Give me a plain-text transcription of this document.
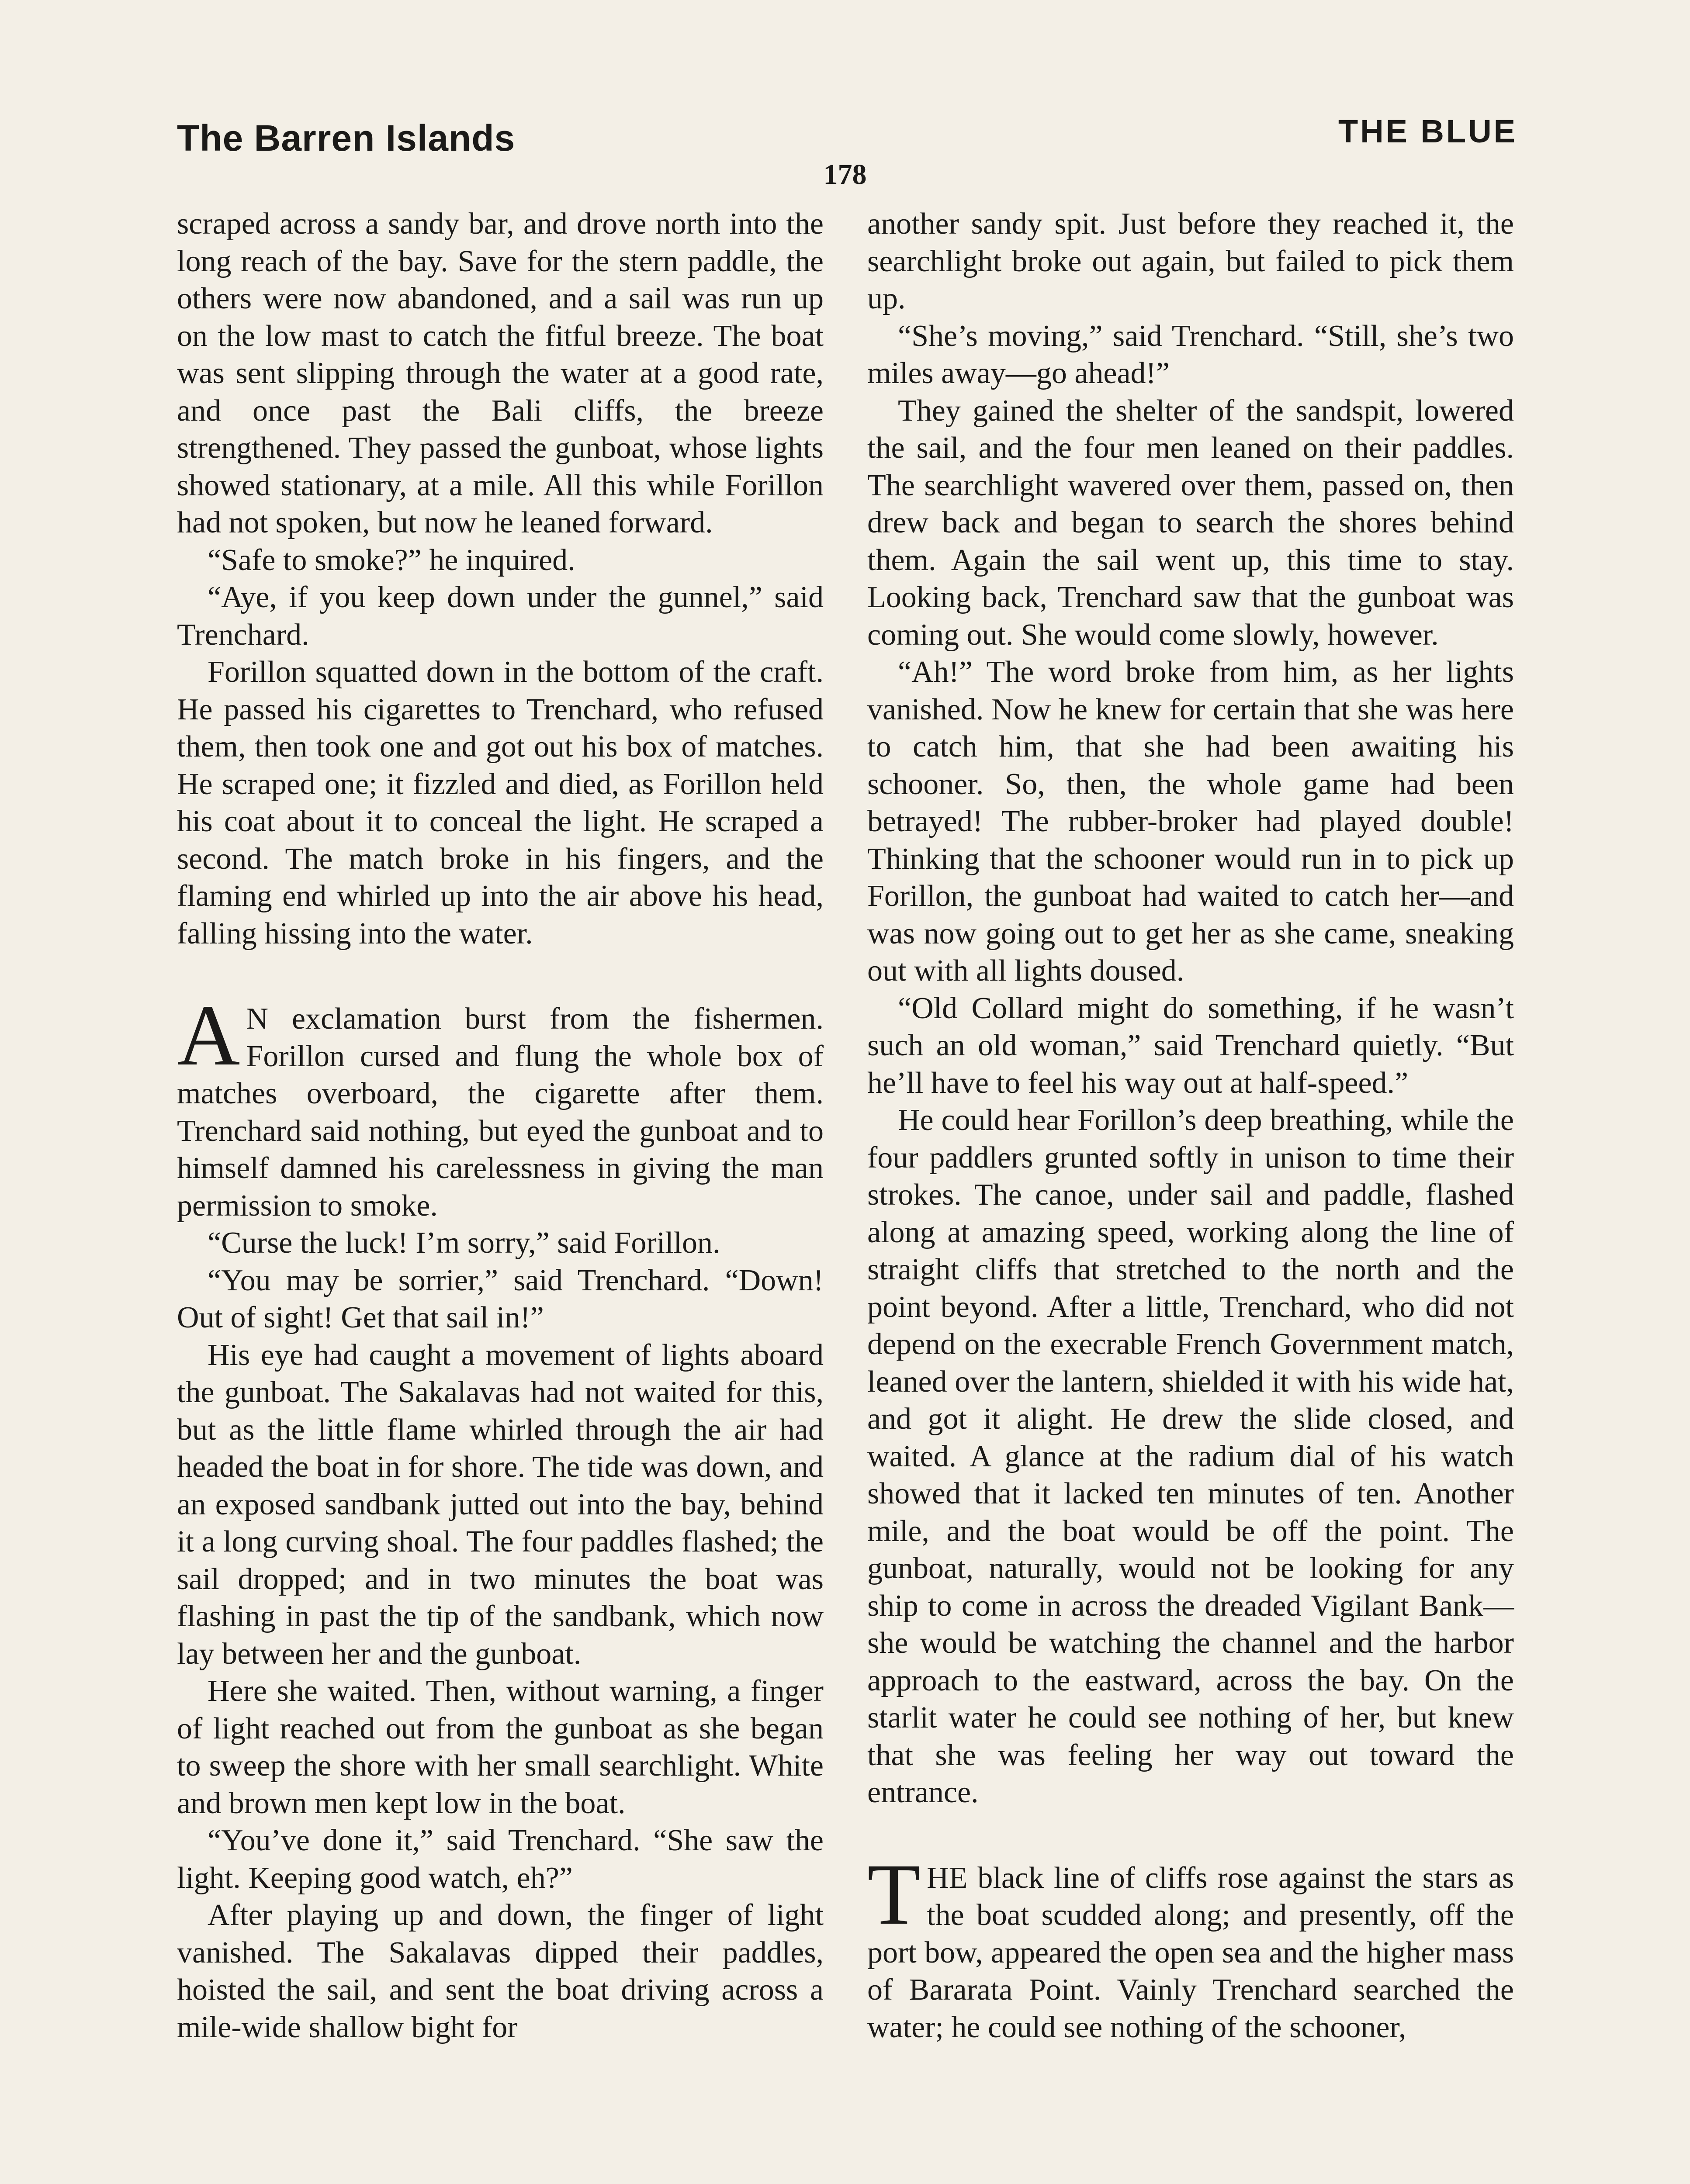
The Barren Islands	THE BLUE
178

scraped across a sandy bar, and drove north into the long reach of the bay. Save for the stern paddle, the others were now abandoned, and a sail was run up on the low mast to catch the fitful breeze. The boat was sent slipping through the water at a good rate, and once past the Bali cliffs, the breeze strengthened. They passed the gunboat, whose lights showed stationary, at a mile. All this while Forillon had not spoken, but now he leaned forward.

“Safe to smoke?” he inquired.

“Aye, if you keep down under the gunnel,” said Trenchard.

Forillon squatted down in the bottom of the craft. He passed his cigarettes to Trenchard, who refused them, then took one and got out his box of matches. He scraped one; it fizzled and died, as Forillon held his coat about it to conceal the light. He scraped a second. The match broke in his fingers, and the flaming end whirled up into the air above his head, falling hissing into the water.

A N exclamation burst from the fishermen. Forillon cursed and flung the whole box of matches overboard, the cigarette after them. Trenchard said nothing, but eyed the gunboat and to himself damned his carelessness in giving the man permission to smoke.

“Curse the luck! I’m sorry,” said Forillon.

“You may be sorrier,” said Trenchard. “Down! Out of sight! Get that sail in!”

His eye had caught a movement of lights aboard the gunboat. The Sakalavas had not waited for this, but as the little flame whirled through the air had headed the boat in for shore. The tide was down, and an exposed sandbank jutted out into the bay, behind it a long curving shoal. The four paddles flashed; the sail dropped; and in two minutes the boat was flashing in past the tip of the sandbank, which now lay between her and the gunboat.

Here she waited. Then, without warning, a finger of light reached out from the gunboat as she began to sweep the shore with her small searchlight. White and brown men kept low in the boat.

“You’ve done it,” said Trenchard. “She saw the light. Keeping good watch, eh?”

After playing up and down, the finger of light vanished. The Sakalavas dipped their paddles, hoisted the sail, and sent the boat driving across a mile-wide shallow bight for

another sandy spit. Just before they reached it, the searchlight broke out again, but failed to pick them up.

“She’s moving,” said Trenchard. “Still, she’s two miles away—go ahead!”

They gained the shelter of the sandspit, lowered the sail, and the four men leaned on their paddles. The searchlight wavered over them, passed on, then drew back and began to search the shores behind them. Again the sail went up, this time to stay. Looking back, Trenchard saw that the gunboat was coming out. She would come slowly, however.

“Ah!” The word broke from him, as her lights vanished. Now he knew for certain that she was here to catch him, that she had been awaiting his schooner. So, then, the whole game had been betrayed! The rubber-broker had played double! Thinking that the schooner would run in to pick up Forillon, the gunboat had waited to catch her—and was now going out to get her as she came, sneaking out with all lights doused.

“Old Collard might do something, if he wasn’t such an old woman,” said Trenchard quietly. “But he’ll have to feel his way out at half-speed.”

He could hear Forillon’s deep breathing, while the four paddlers grunted softly in unison to time their strokes. The canoe, under sail and paddle, flashed along at amazing speed, working along the line of straight cliffs that stretched to the north and the point beyond. After a little, Trenchard, who did not depend on the execrable French Government match, leaned over the lantern, shielded it with his wide hat, and got it alight. He drew the slide closed, and waited. A glance at the radium dial of his watch showed that it lacked ten minutes of ten. Another mile, and the boat would be off the point. The gunboat, naturally, would not be looking for any ship to come in across the dreaded Vigilant Bank—she would be watching the channel and the harbor approach to the eastward, across the bay. On the starlit water he could see nothing of her, but knew that she was feeling her way out toward the entrance.

THE black line of cliffs rose against the stars as the boat scudded along; and presently, off the port bow, appeared the open sea and the higher mass of Bararata Point. Vainly Trenchard searched the water; he could see nothing of the schooner,
